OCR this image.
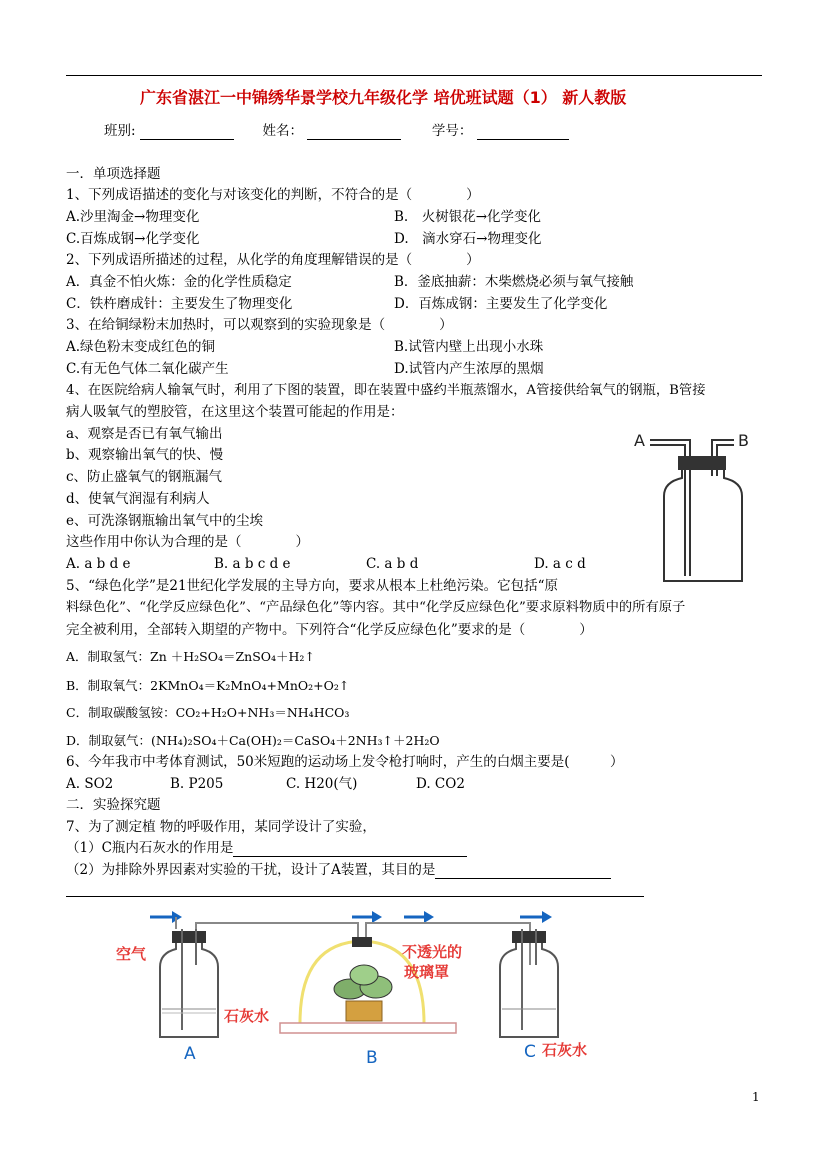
广东省湛江一中锦绣华景学校九年级化学 培优班试题（1） 新人教版
班别:	姓名：	学号：
一．单项选择题
1、下列成语描述的变化与对该变化的判断，不符合的是（　　　　）
A.沙里淘金→物理变化	B.　火树银花→化学变化
C.百炼成钢→化学变化	D.　滴水穿石→物理变化
2、下列成语所描述的过程，从化学的角度理解错误的是（　　　　）
A．真金不怕火炼：金的化学性质稳定	B．釜底抽薪：木柴燃烧必须与氧气接触
C．铁杵磨成针：主要发生了物理变化	D．百炼成钢：主要发生了化学变化
3、在给铜绿粉末加热时，可以观察到的实验现象是（　　　　）
A.绿色粉末变成红色的铜	B.试管内壁上出现小水珠
C.有无色气体二氧化碳产生	D.试管内产生浓厚的黑烟
4、在医院给病人输氧气时，利用了下图的装置，即在装置中盛约半瓶蒸馏水，A管接供给氧气的钢瓶，B管接
病人吸氧气的塑胶管，在这里这个装置可能起的作用是：
a、观察是否已有氧气输出
b、观察输出氧气的快、慢
c、防止盛氧气的钢瓶漏气
d、使氧气润湿有利病人
e、可洗涤钢瓶输出氧气中的尘埃
这些作用中你认为合理的是（　　　　）
A. a b d e	B. a b c d e	C. a b d	D. a c d
A	B
5、“绿色化学”是21世纪化学发展的主导方向，要求从根本上杜绝污染。它包括“原
料绿色化”、“化学反应绿色化”、“产品绿色化”等内容。其中“化学反应绿色化”要求原料物质中的所有原子
完全被利用，全部转入期望的产物中。下列符合“化学反应绿色化”要求的是（　　　　）
A．制取氢气：Zn ＋H₂SO₄＝ZnSO₄＋H₂↑
B．制取氧气：2KMnO₄＝K₂MnO₄+MnO₂+O₂↑
C．制取碳酸氢铵：CO₂+H₂O+NH₃＝NH₄HCO₃
D．制取氨气：(NH₄)₂SO₄＋Ca(OH)₂＝CaSO₄＋2NH₃↑＋2H₂O
6、今年我市中考体育测试，50米短跑的运动场上发令枪打响时，产生的白烟主要是(　　　）
A. SO2	B. P205	C. H20(气)	D. CO2
二．实验探究题
7、为了测定植 物的呼吸作用，某同学设计了实验，
（1）C瓶内石灰水的作用是
（2）为排除外界因素对实验的干扰，设计了A装置，其目的是
空气	不透光的
玻璃罩
石灰水
石灰水
A	B	C
1
